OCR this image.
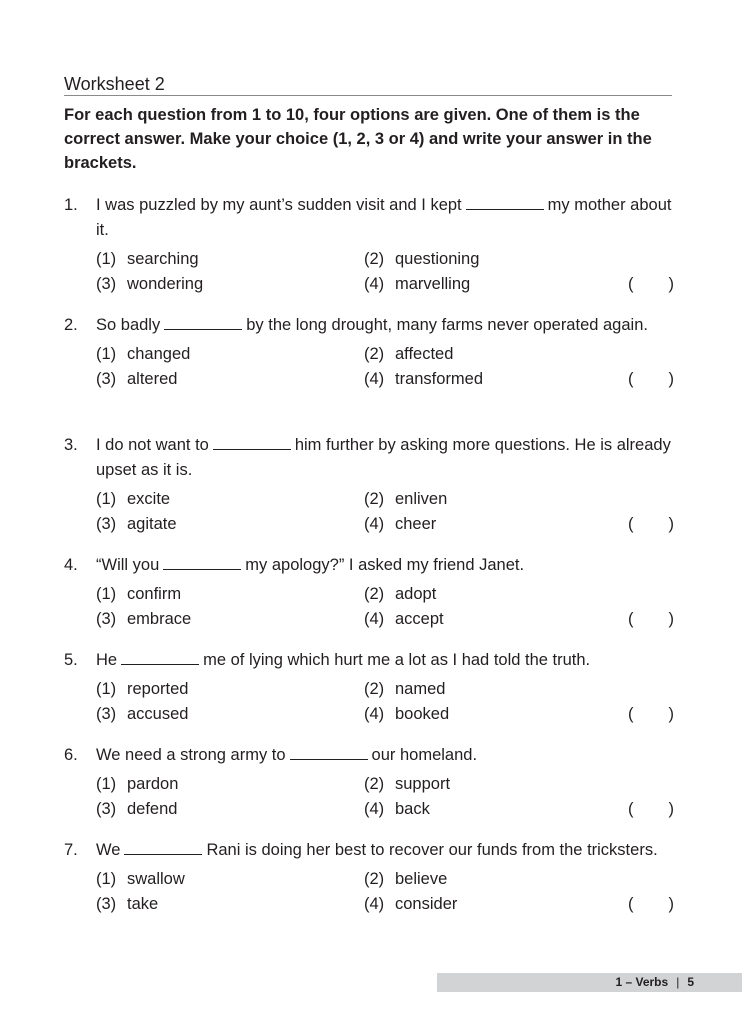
Worksheet 2
For each question from 1 to 10, four options are given. One of them is the correct answer. Make your choice (1, 2, 3 or 4) and write your answer in the brackets.
1. I was puzzled by my aunt’s sudden visit and I kept	my mother about it.
(1) searching	(2) questioning
(3) wondering	(4) marvelling	( )
2. So badly	by the long drought, many farms never operated again.
(1) changed	(2) affected
(3) altered	(4) transformed	( )
3. I do not want to	him further by asking more questions. He is already upset as it is.
(1) excite	(2) enliven
(3) agitate	(4) cheer	( )
4. “Will you	my apology?” I asked my friend Janet.
(1) confirm	(2) adopt
(3) embrace	(4) accept	( )
5. He	me of lying which hurt me a lot as I had told the truth.
(1) reported	(2) named
(3) accused	(4) booked	( )
6. We need a strong army to	our homeland.
(1) pardon	(2) support
(3) defend	(4) back	( )
7. We	Rani is doing her best to recover our funds from the tricksters.
(1) swallow	(2) believe
(3) take	(4) consider	( )
1 – Verbs | 5
